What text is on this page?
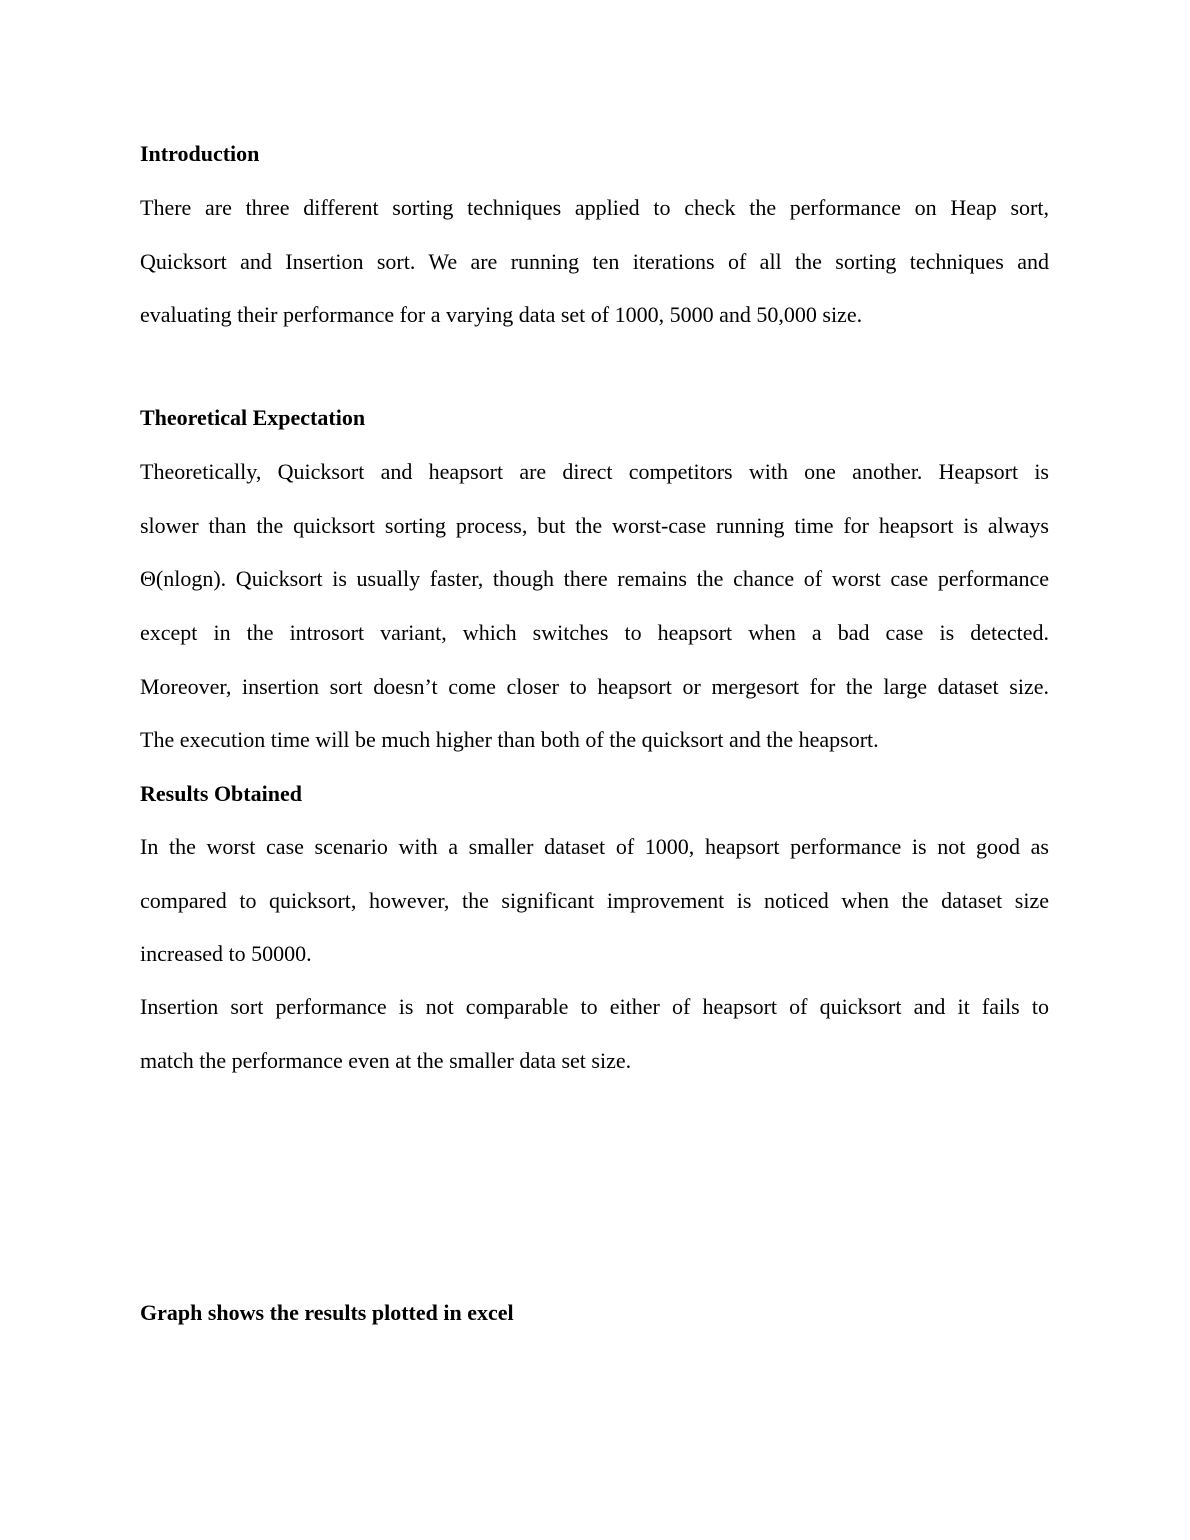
Introduction

There are three different sorting techniques applied to check the performance on Heap sort,
Quicksort and Insertion sort. We are running ten iterations of all the sorting techniques and
evaluating their performance for a varying data set of 1000, 5000 and 50,000 size.

Theoretical Expectation

Theoretically, Quicksort and heapsort are direct competitors with one another. Heapsort is
slower than the quicksort sorting process, but the worst-case running time for heapsort is always
Θ(nlogn). Quicksort is usually faster, though there remains the chance of worst case performance
except in the introsort variant, which switches to heapsort when a bad case is detected.
Moreover, insertion sort doesn’t come closer to heapsort or mergesort for the large dataset size.
The execution time will be much higher than both of the quicksort and the heapsort.

Results Obtained

In the worst case scenario with a smaller dataset of 1000, heapsort performance is not good as
compared to quicksort, however, the significant improvement is noticed when the dataset size
increased to 50000.

Insertion sort performance is not comparable to either of heapsort of quicksort and it fails to
match the performance even at the smaller data set size.

Graph shows the results plotted in excel
